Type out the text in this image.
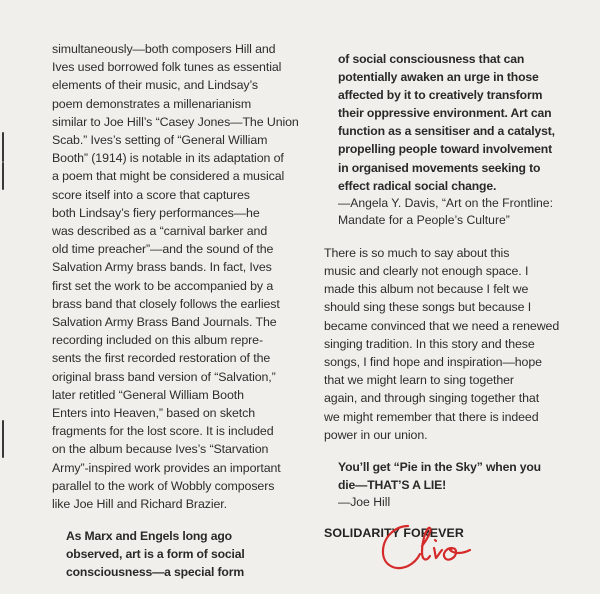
simultaneously—both composers Hill and

Ives used borrowed folk tunes as essential

elements of their music, and Lindsay’s

poem demonstrates a millenarianism

similar to Joe Hill’s “Casey Jones—The Union

Scab.” Ives’s setting of “General William

Booth” (1914) is notable in its adaptation of

a poem that might be considered a musical

score itself into a score that captures

both Lindsay’s fiery performances—he

was described as a “carnival barker and

old time preacher”—and the sound of the

Salvation Army brass bands. In fact, Ives

first set the work to be accompanied by a

brass band that closely follows the earliest

Salvation Army Brass Band Journals. The

recording included on this album repre-

sents the first recorded restoration of the

original brass band version of “Salvation,”

later retitled “General William Booth

Enters into Heaven,” based on sketch

fragments for the lost score. It is included

on the album because Ives’s “Starvation

Army”-inspired work provides an important

parallel to the work of Wobbly composers

like Joe Hill and Richard Brazier.

As Marx and Engels long ago

observed, art is a form of social

consciousness—a special form

of social consciousness that can

potentially awaken an urge in those

affected by it to creatively transform

their oppressive environment. Art can

function as a sensitiser and a catalyst,

propelling people toward involvement

in organised movements seeking to

effect radical social change.

—Angela Y. Davis, “Art on the Frontline:

Mandate for a People’s Culture”

There is so much to say about this

music and clearly not enough space. I

made this album not because I felt we

should sing these songs but because I

became convinced that we need a renewed

singing tradition. In this story and these

songs, I find hope and inspiration—hope

that we might learn to sing together

again, and through singing together that

we might remember that there is indeed

power in our union.

You’ll get “Pie in the Sky” when you

die—THAT’S A LIE!

—Joe Hill

SOLIDARITY FOREVER
